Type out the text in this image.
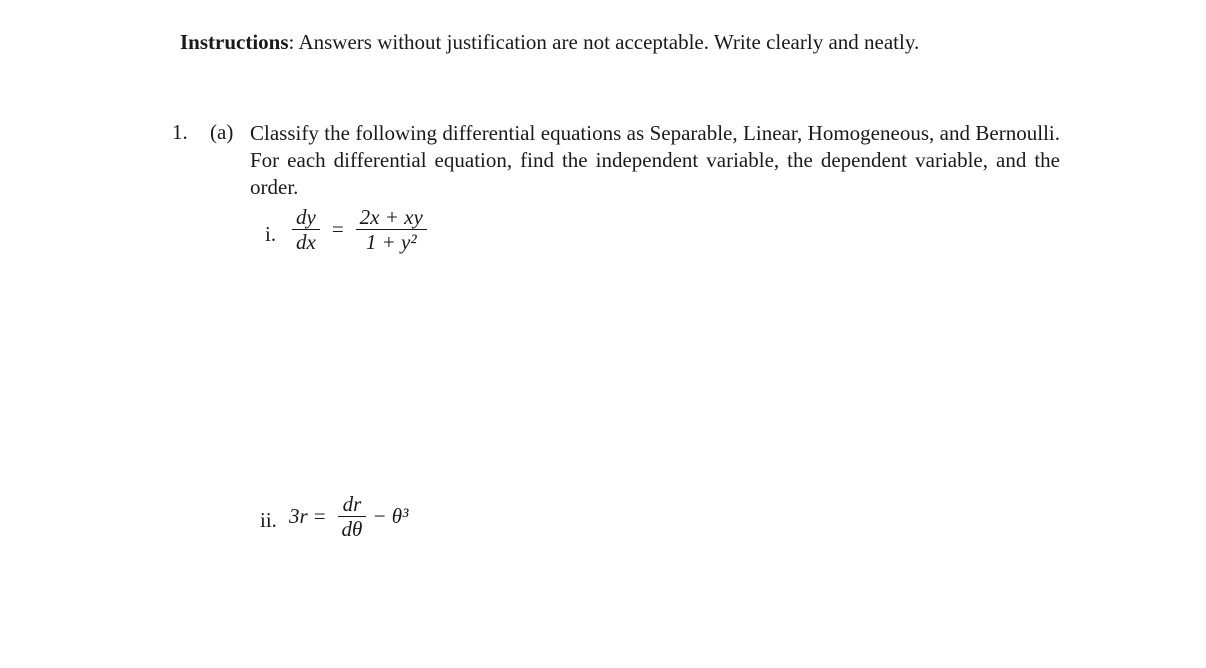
Instructions: Answers without justification are not acceptable. Write clearly and neatly.
1. (a) Classify the following differential equations as Separable, Linear, Homogeneous, and Bernoulli. For each differential equation, find the independent variable, the dependent variable, and the order.
i. $\frac{dy}{dx} = \frac{2x + xy}{\text{1 + y²}}$
ii. $3r = \frac{dr}{d\theta} - \theta^3$
